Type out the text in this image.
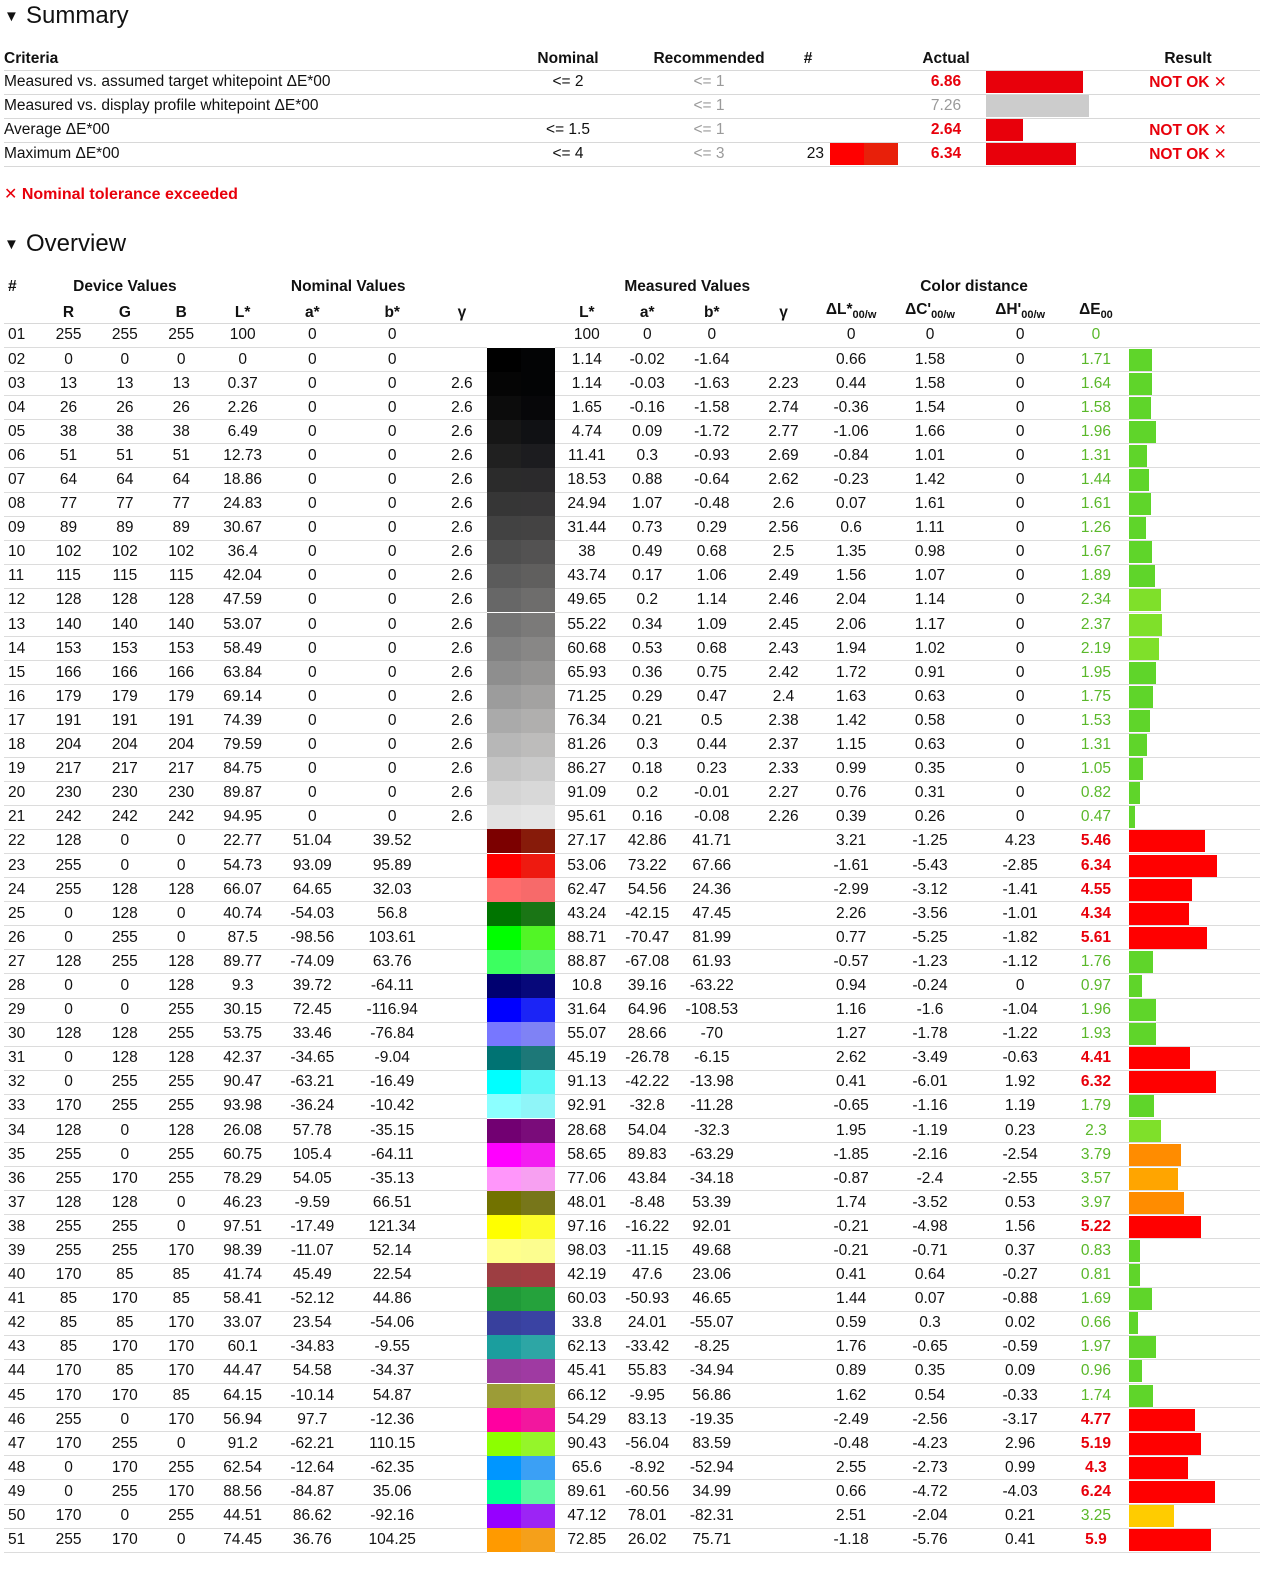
▼ Summary
Criteria	Nominal	Recommended	#		Actual		Result
Measured vs. assumed target whitepoint ΔE*00	<= 2	<= 1			6.86		NOT OK ✕
Measured vs. display profile whitepoint ΔE*00		<= 1			7.26	

Average ΔE*00	<= 1.5	<= 1			2.64		NOT OK ✕
Maximum ΔE*00	<= 4	<= 3	23		6.34		NOT OK ✕
✕ Nominal tolerance exceeded
▼ Overview
#	Device Values			Nominal Values					Measured Values				Color distance				
	R	G	B	L*	a*	b*	γ		L*	a*	b*	γ	$\Delta L*_{00/w}$	$\Delta C'_{00/w}$	$\Delta H'_{00/w}$	$\Delta E_{00}$	
01	255	255	255	100	0	0			100	0	0		0	0	0	0	

02	0	0	0	0	0	0			1.14	-0.02	-1.64		0.66	1.58	0	1.71	

03	13	13	13	0.37	0	0	2.6		1.14	-0.03	-1.63	2.23	0.44	1.58	0	1.64	

04	26	26	26	2.26	0	0	2.6		1.65	-0.16	-1.58	2.74	-0.36	1.54	0	1.58	

05	38	38	38	6.49	0	0	2.6		4.74	0.09	-1.72	2.77	-1.06	1.66	0	1.96	

06	51	51	51	12.73	0	0	2.6		11.41	0.3	-0.93	2.69	-0.84	1.01	0	1.31	

07	64	64	64	18.86	0	0	2.6		18.53	0.88	-0.64	2.62	-0.23	1.42	0	1.44	

08	77	77	77	24.83	0	0	2.6		24.94	1.07	-0.48	2.6	0.07	1.61	0	1.61	

09	89	89	89	30.67	0	0	2.6		31.44	0.73	0.29	2.56	0.6	1.11	0	1.26	

10	102	102	102	36.4	0	0	2.6		38	0.49	0.68	2.5	1.35	0.98	0	1.67	

11	115	115	115	42.04	0	0	2.6		43.74	0.17	1.06	2.49	1.56	1.07	0	1.89	

12	128	128	128	47.59	0	0	2.6		49.65	0.2	1.14	2.46	2.04	1.14	0	2.34	

13	140	140	140	53.07	0	0	2.6		55.22	0.34	1.09	2.45	2.06	1.17	0	2.37	

14	153	153	153	58.49	0	0	2.6		60.68	0.53	0.68	2.43	1.94	1.02	0	2.19	

15	166	166	166	63.84	0	0	2.6		65.93	0.36	0.75	2.42	1.72	0.91	0	1.95	

16	179	179	179	69.14	0	0	2.6		71.25	0.29	0.47	2.4	1.63	0.63	0	1.75	

17	191	191	191	74.39	0	0	2.6		76.34	0.21	0.5	2.38	1.42	0.58	0	1.53	

18	204	204	204	79.59	0	0	2.6		81.26	0.3	0.44	2.37	1.15	0.63	0	1.31	

19	217	217	217	84.75	0	0	2.6		86.27	0.18	0.23	2.33	0.99	0.35	0	1.05	

20	230	230	230	89.87	0	0	2.6		91.09	0.2	-0.01	2.27	0.76	0.31	0	0.82	

21	242	242	242	94.95	0	0	2.6		95.61	0.16	-0.08	2.26	0.39	0.26	0	0.47	

22	128	0	0	22.77	51.04	39.52			27.17	42.86	41.71		3.21	-1.25	4.23	5.46	

23	255	0	0	54.73	93.09	95.89			53.06	73.22	67.66		-1.61	-5.43	-2.85	6.34	

24	255	128	128	66.07	64.65	32.03			62.47	54.56	24.36		-2.99	-3.12	-1.41	4.55	

25	0	128	0	40.74	-54.03	56.8			43.24	-42.15	47.45		2.26	-3.56	-1.01	4.34	

26	0	255	0	87.5	-98.56	103.61			88.71	-70.47	81.99		0.77	-5.25	-1.82	5.61	

27	128	255	128	89.77	-74.09	63.76			88.87	-67.08	61.93		-0.57	-1.23	-1.12	1.76	

28	0	0	128	9.3	39.72	-64.11			10.8	39.16	-63.22		0.94	-0.24	0	0.97	

29	0	0	255	30.15	72.45	-116.94			31.64	64.96	-108.53		1.16	-1.6	-1.04	1.96	

30	128	128	255	53.75	33.46	-76.84			55.07	28.66	-70		1.27	-1.78	-1.22	1.93	

31	0	128	128	42.37	-34.65	-9.04			45.19	-26.78	-6.15		2.62	-3.49	-0.63	4.41	

32	0	255	255	90.47	-63.21	-16.49			91.13	-42.22	-13.98		0.41	-6.01	1.92	6.32	

33	170	255	255	93.98	-36.24	-10.42			92.91	-32.8	-11.28		-0.65	-1.16	1.19	1.79	

34	128	0	128	26.08	57.78	-35.15			28.68	54.04	-32.3		1.95	-1.19	0.23	2.3	

35	255	0	255	60.75	105.4	-64.11			58.65	89.83	-63.29		-1.85	-2.16	-2.54	3.79	

36	255	170	255	78.29	54.05	-35.13			77.06	43.84	-34.18		-0.87	-2.4	-2.55	3.57	

37	128	128	0	46.23	-9.59	66.51			48.01	-8.48	53.39		1.74	-3.52	0.53	3.97	

38	255	255	0	97.51	-17.49	121.34			97.16	-16.22	92.01		-0.21	-4.98	1.56	5.22	

39	255	255	170	98.39	-11.07	52.14			98.03	-11.15	49.68		-0.21	-0.71	0.37	0.83	

40	170	85	85	41.74	45.49	22.54			42.19	47.6	23.06		0.41	0.64	-0.27	0.81	

41	85	170	85	58.41	-52.12	44.86			60.03	-50.93	46.65		1.44	0.07	-0.88	1.69	

42	85	85	170	33.07	23.54	-54.06			33.8	24.01	-55.07		0.59	0.3	0.02	0.66	

43	85	170	170	60.1	-34.83	-9.55			62.13	-33.42	-8.25		1.76	-0.65	-0.59	1.97	

44	170	85	170	44.47	54.58	-34.37			45.41	55.83	-34.94		0.89	0.35	0.09	0.96	

45	170	170	85	64.15	-10.14	54.87			66.12	-9.95	56.86		1.62	0.54	-0.33	1.74	

46	255	0	170	56.94	97.7	-12.36			54.29	83.13	-19.35		-2.49	-2.56	-3.17	4.77	

47	170	255	0	91.2	-62.21	110.15			90.43	-56.04	83.59		-0.48	-4.23	2.96	5.19	

48	0	170	255	62.54	-12.64	-62.35			65.6	-8.92	-52.94		2.55	-2.73	0.99	4.3	

49	0	255	170	88.56	-84.87	35.06			89.61	-60.56	34.99		0.66	-4.72	-4.03	6.24	

50	170	0	255	44.51	86.62	-92.16			47.12	78.01	-82.31		2.51	-2.04	0.21	3.25	

51	255	170	0	74.45	36.76	104.25			72.85	26.02	75.71		-1.18	-5.76	0.41	5.9	
